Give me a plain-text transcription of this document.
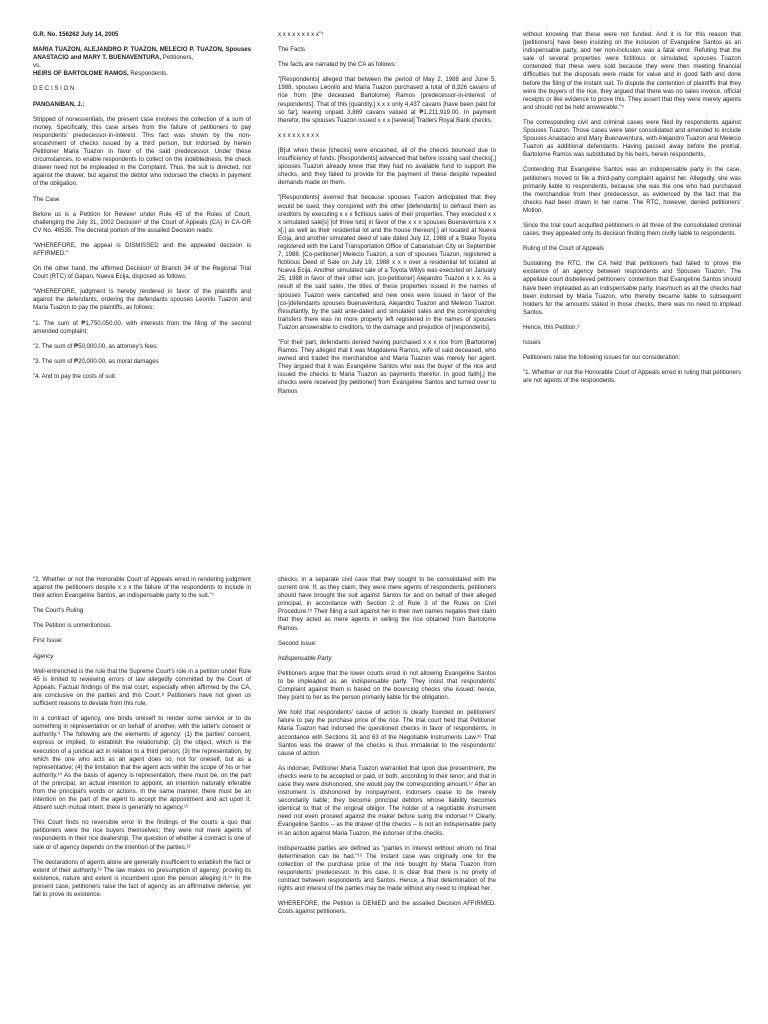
G.R. No. 156262 July 14, 2005

MARIA TUAZON, ALEJANDRO P. TUAZON, MELECIO P. TUAZON, Spouses ANASTACIO and MARY T. BUENAVENTURA, Petitioners,
vs.
HEIRS OF BARTOLOME RAMOS, Respondents.

D E C I S I O N

PANGANIBAN, J.:

Stripped of nonessentials, the present case involves the collection of a sum of money. Specifically, this case arises from the failure of petitioners to pay respondents' predecessor-in-interest. This fact was shown by the non-encashment of checks issued by a third person, but indorsed by herein Petitioner Maria Tuazon in favor of the said predecessor. Under these circumstances, to enable respondents to collect on the indebtedness, the check drawer need not be impleaded in the Complaint. Thus, the suit is directed, not against the drawer, but against the debtor who indorsed the checks in payment of the obligation.

The Case

Before us is a Petition for Review¹ under Rule 45 of the Rules of Court, challenging the July 31, 2002 Decision² of the Court of Appeals (CA) in CA-GR CV No. 46535. The decretal portion of the assailed Decision reads:

"WHEREFORE, the appeal is DISMISSED and the appealed decision is AFFIRMED."

On the other hand, the affirmed Decision³ of Branch 34 of the Regional Trial Court (RTC) of Gapan, Nueva Ecija, disposed as follows:

"WHEREFORE, judgment is hereby rendered in favor of the plaintiffs and against the defendants, ordering the defendants spouses Leonilo Tuazon and Maria Tuazon to pay the plaintiffs, as follows:

"1. The sum of ₱1,750,050.00, with interests from the filing of the second amended complaint;

"2. The sum of ₱50,000.00, as attorney's fees;

"3. The sum of ₱20,000.00, as moral damages

"4. And to pay the costs of suit.

x x x x x x x x x"⁴

The Facts

The facts are narrated by the CA as follows:

"[Respondents] alleged that between the period of May 2, 1988 and June 5, 1988, spouses Leonilo and Maria Tuazon purchased a total of 8,326 cavans of rice from [the deceased Bartolome] Ramos [predecessor-in-interest of respondents]. That of this [quantity,] x x x only 4,437 cavans [have been paid for so far], leaving unpaid 3,889 cavans valued at ₱1,211,919.00. In payment therefor, the spouses Tuazon issued x x x [several] Traders Royal Bank checks.

x x x x x x x x x

[B]ut when these [checks] were encashed, all of the checks bounced due to insufficiency of funds. [Respondents] advanced that before issuing said checks[,] spouses Tuazon already knew that they had no available fund to support the checks, and they failed to provide for the payment of these despite repeated demands made on them.

"[Respondents] averred that because spouses Tuazon anticipated that they would be sued, they conspired with the other [defendants] to defraud them as creditors by executing x x x fictitious sales of their properties. They executed x x x simulated sale[s] [of three lots] in favor of the x x x spouses Buenaventura x x x[,] as well as their residential lot and the house thereon[,] all located at Nueva Ecija, and another simulated deed of sale dated July 12, 1988 of a Stake Toyota registered with the Land Transportation Office of Cabanatuan City on September 7, 1988. [Co-petitioner] Melecio Tuazon, a son of spouses Tuazon, registered a fictitious Deed of Sale on July 19, 1988 x x x over a residential lot located at Nueva Ecija. Another simulated sale of a Toyota Willys was executed on January 25, 1988 in favor of their other son, [co-petitioner] Alejandro Tuazon x x x. As a result of the said sales, the titles of these properties issued in the names of spouses Tuazon were cancelled and new ones were issued in favor of the [co-]defendants spouses Buenaventura, Alejandro Tuazon and Melecio Tuazon. Resultantly, by the said ante-dated and simulated sales and the corresponding transfers there was no more property left registered in the names of spouses Tuazon answerable to creditors, to the damage and prejudice of [respondents].

"For their part, defendants denied having purchased x x x rice from [Bartolome] Ramos. They alleged that it was Magdalena Ramos, wife of said deceased, who owned and traded the merchandise and Maria Tuazon was merely her agent. They argued that it was Evangeline Santos who was the buyer of the rice and issued the checks to Maria Tuazon as payments therefor. In good faith[,] the checks were received [by petitioner] from Evangeline Santos and turned over to Ramos

without knowing that these were not funded. And it is for this reason that [petitioners] have been insisting on the inclusion of Evangeline Santos as an indispensable party, and her non-inclusion was a fatal error. Refuting that the sale of several properties were fictitious or simulated, spouses Tuazon contended that these were sold because they were then meeting financial difficulties but the disposals were made for value and in good faith and done before the filing of the instant suit. To dispute the contention of plaintiffs that they were the buyers of the rice, they argued that there was no sales invoice, official receipts or like evidence to prove this. They assert that they were merely agents and should not be held answerable."⁵

The corresponding civil and criminal cases were filed by respondents against Spouses Tuazon. Those cases were later consolidated and amended to include Spouses Anastacio and Mary Buenaventura, with Alejandro Tuazon and Melecio Tuazon as additional defendants. Having passed away before the pretrial, Bartolome Ramos was substituted by his heirs, herein respondents.

Contending that Evangeline Santos was an indispensable party in the case, petitioners moved to file a third-party complaint against her. Allegedly, she was primarily liable to respondents, because she was the one who had purchased the merchandise from their predecessor, as evidenced by the fact that the checks had been drawn in her name. The RTC, however, denied petitioners' Motion.

Since the trial court acquitted petitioners in all three of the consolidated criminal cases, they appealed only its decision finding them civilly liable to respondents.

Ruling of the Court of Appeals

Sustaining the RTC, the CA held that petitioners had failed to prove the existence of an agency between respondents and Spouses Tuazon. The appellate court disbelieved petitioners' contention that Evangeline Santos should have been impleaded as an indispensable party. Inasmuch as all the checks had been indorsed by Maria Tuazon, who thereby became liable to subsequent holders for the amounts stated in those checks, there was no need to implead Santos.

Hence, this Petition.⁶

Issues

Petitioners raise the following issues for our consideration:

"1. Whether or not the Honorable Court of Appeals erred in ruling that petitioners are not agents of the respondents.

"2. Whether or not the Honorable Court of Appeals erred in rendering judgment against the petitioners despite x x x the failure of the respondents to include in their action Evangeline Santos, an indispensable party to the suit."⁷

The Court's Ruling

The Petition is unmeritorious.

First Issue:

Agency

Well-entrenched is the rule that the Supreme Court's role in a petition under Rule 45 is limited to reviewing errors of law allegedly committed by the Court of Appeals. Factual findings of the trial court, especially when affirmed by the CA, are conclusive on the parties and this Court.⁸ Petitioners have not given us sufficient reasons to deviate from this rule.

In a contract of agency, one binds oneself to render some service or to do something in representation or on behalf of another, with the latter's consent or authority.⁹ The following are the elements of agency: (1) the parties' consent, express or implied, to establish the relationship; (2) the object, which is the execution of a juridical act in relation to a third person; (3) the representation, by which the one who acts as an agent does so, not for oneself, but as a representative; (4) the limitation that the agent acts within the scope of his or her authority.¹⁰ As the basis of agency is representation, there must be, on the part of the principal, an actual intention to appoint, an intention naturally inferable from the principal's words or actions. In the same manner, there must be an intention on the part of the agent to accept the appointment and act upon it. Absent such mutual intent, there is generally no agency.¹¹

This Court finds no reversible error in the findings of the courts a quo that petitioners were the rice buyers themselves; they were not mere agents of respondents in their rice dealership. The question of whether a contract is one of sale or of agency depends on the intention of the parties.¹²

The declarations of agents alone are generally insufficient to establish the fact or extent of their authority.¹³ The law makes no presumption of agency; proving its existence, nature and extent is incumbent upon the person alleging it.¹⁴ In the present case, petitioners raise the fact of agency as an affirmative defense, yet fail to prove its existence.

checks, in a separate civil case that they sought to be consolidated with the current one. If, as they claim, they were mere agents of respondents, petitioners should have brought the suit against Santos for and on behalf of their alleged principal, in accordance with Section 2 of Rule 3 of the Rules on Civil Procedure.¹⁵ Their filing a suit against her in their own names negates their claim that they acted as mere agents in selling the rice obtained from Bartolome Ramos.

Second Issue:

Indispensable Party

Petitioners argue that the lower courts erred in not allowing Evangeline Santos to be impleaded as an indispensable party. They insist that respondents' Complaint against them is based on the bouncing checks she issued; hence, they point to her as the person primarily liable for the obligation.

We hold that respondents' cause of action is clearly founded on petitioners' failure to pay the purchase price of the rice. The trial court held that Petitioner Maria Tuazon had indorsed the questioned checks in favor of respondents, in accordance with Sections 31 and 63 of the Negotiable Instruments Law.¹⁶ That Santos was the drawer of the checks is thus immaterial to the respondents' cause of action.

As indorser, Petitioner Maria Tuazon warranted that upon due presentment, the checks were to be accepted or paid, or both, according to their tenor; and that in case they were dishonored, she would pay the corresponding amount.¹⁷ After an instrument is dishonored by nonpayment, indorsers cease to be merely secondarily liable; they become principal debtors whose liability becomes identical to that of the original obligor. The holder of a negotiable instrument need not even proceed against the maker before suing the indorser.¹⁸ Clearly, Evangeline Santos -- as the drawer of the checks -- is not an indispensable party in an action against Maria Tuazon, the indorser of the checks.

Indispensable parties are defined as "parties in interest without whom no final determination can be had."¹⁹ The instant case was originally one for the collection of the purchase price of the rice bought by Maria Tuazon from respondents' predecessor. In this case, it is clear that there is no privity of contract between respondents and Santos. Hence, a final determination of the rights and interest of the parties may be made without any need to implead her.

WHEREFORE, the Petition is DENIED and the assailed Decision AFFIRMED. Costs against petitioners.
